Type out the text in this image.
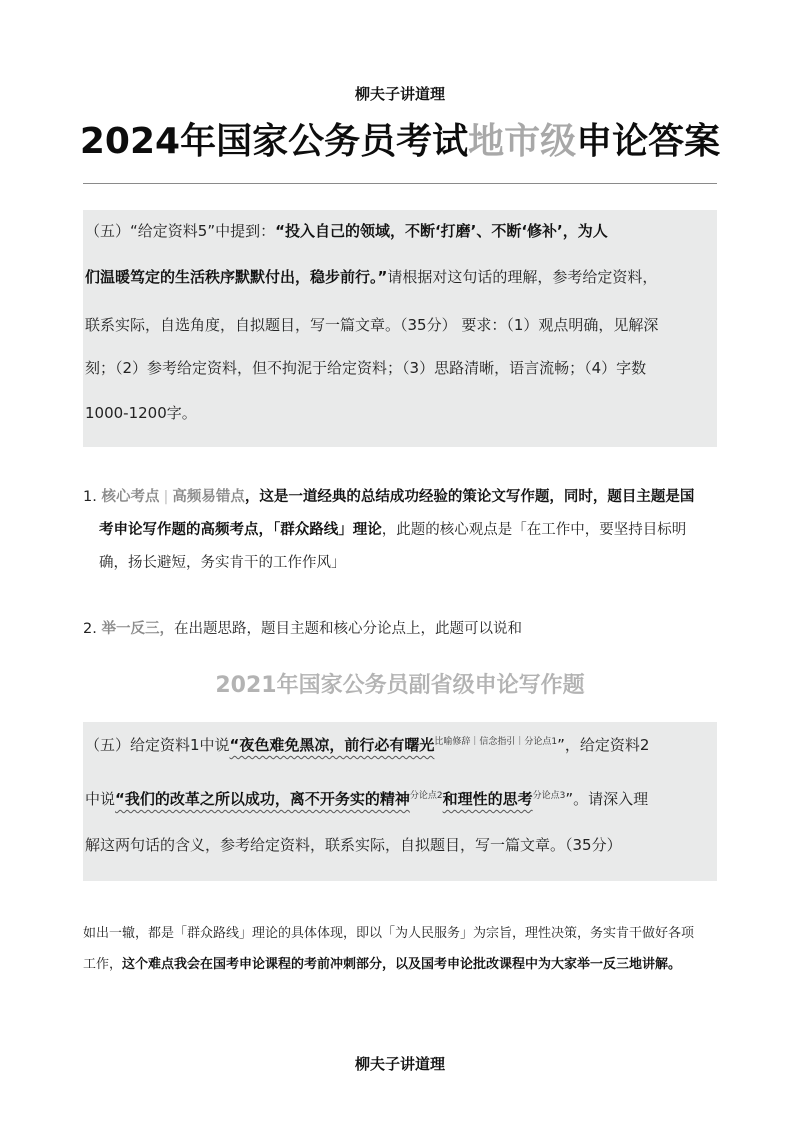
柳夫子讲道理
2024年国家公务员考试地市级申论答案
（五）“给定资料5”中提到：“投入自己的领域，不断‘打磨’、不断‘修补’，为人
们温暖笃定的生活秩序默默付出，稳步前行。”请根据对这句话的理解，参考给定资料，
联系实际，自选角度，自拟题目，写一篇文章。（35分） 要求：（1）观点明确，见解深
刻；（2）参考给定资料，但不拘泥于给定资料；（3）思路清晰，语言流畅；（4）字数
1000-1200字。
1. 核心考点 | 高频易错点，这是一道经典的总结成功经验的策论文写作题，同时，题目主题是国
考申论写作题的高频考点，「群众路线」理论，此题的核心观点是「在工作中，要坚持目标明
确，扬长避短，务实肯干的工作作风」
2. 举一反三，在出题思路，题目主题和核心分论点上，此题可以说和
2021年国家公务员副省级申论写作题
（五）给定资料1中说“夜色难免黑凉，前行必有曙光$^{比喻修辞|信念指引|分论点1}$”，给定资料2
中说“我们的改革之所以成功，离不开务实的精神$^{分论点2}$和理性的思考$^{分论点3}$”。请深入理
解这两句话的含义，参考给定资料，联系实际，自拟题目，写一篇文章。（35分）
如出一辙，都是「群众路线」理论的具体体现，即以「为人民服务」为宗旨，理性决策，务实肯干做好各项
工作，这个难点我会在国考申论课程的考前冲刺部分，以及国考申论批改课程中为大家举一反三地讲解。
柳夫子讲道理
